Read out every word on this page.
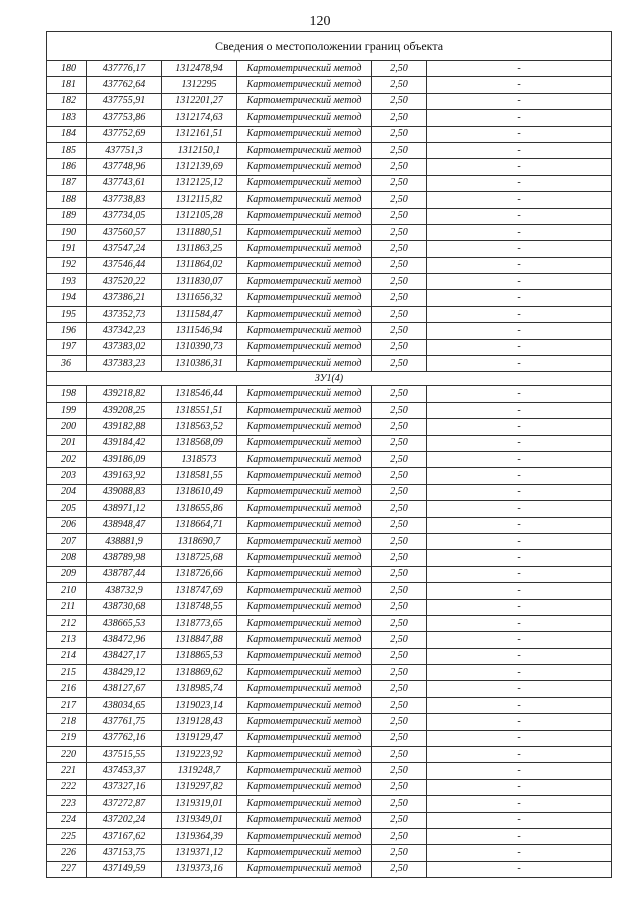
120
Сведения о местоположении границ объекта					
180	437776,17	1312478,94	Картометрический метод	2,50	-
181	437762,64	1312295	Картометрический метод	2,50	-
182	437755,91	1312201,27	Картометрический метод	2,50	-
183	437753,86	1312174,63	Картометрический метод	2,50	-
184	437752,69	1312161,51	Картометрический метод	2,50	-
185	437751,3	1312150,1	Картометрический метод	2,50	-
186	437748,96	1312139,69	Картометрический метод	2,50	-
187	437743,61	1312125,12	Картометрический метод	2,50	-
188	437738,83	1312115,82	Картометрический метод	2,50	-
189	437734,05	1312105,28	Картометрический метод	2,50	-
190	437560,57	1311880,51	Картометрический метод	2,50	-
191	437547,24	1311863,25	Картометрический метод	2,50	-
192	437546,44	1311864,02	Картометрический метод	2,50	-
193	437520,22	1311830,07	Картометрический метод	2,50	-
194	437386,21	1311656,32	Картометрический метод	2,50	-
195	437352,73	1311584,47	Картометрический метод	2,50	-
196	437342,23	1311546,94	Картометрический метод	2,50	-
197	437383,02	1310390,73	Картометрический метод	2,50	-
36	437383,23	1310386,31	Картометрический метод	2,50	-
ЗУ1(4)					
198	439218,82	1318546,44	Картометрический метод	2,50	-
199	439208,25	1318551,51	Картометрический метод	2,50	-
200	439182,88	1318563,52	Картометрический метод	2,50	-
201	439184,42	1318568,09	Картометрический метод	2,50	-
202	439186,09	1318573	Картометрический метод	2,50	-
203	439163,92	1318581,55	Картометрический метод	2,50	-
204	439088,83	1318610,49	Картометрический метод	2,50	-
205	438971,12	1318655,86	Картометрический метод	2,50	-
206	438948,47	1318664,71	Картометрический метод	2,50	-
207	438881,9	1318690,7	Картометрический метод	2,50	-
208	438789,98	1318725,68	Картометрический метод	2,50	-
209	438787,44	1318726,66	Картометрический метод	2,50	-
210	438732,9	1318747,69	Картометрический метод	2,50	-
211	438730,68	1318748,55	Картометрический метод	2,50	-
212	438665,53	1318773,65	Картометрический метод	2,50	-
213	438472,96	1318847,88	Картометрический метод	2,50	-
214	438427,17	1318865,53	Картометрический метод	2,50	-
215	438429,12	1318869,62	Картометрический метод	2,50	-
216	438127,67	1318985,74	Картометрический метод	2,50	-
217	438034,65	1319023,14	Картометрический метод	2,50	-
218	437761,75	1319128,43	Картометрический метод	2,50	-
219	437762,16	1319129,47	Картометрический метод	2,50	-
220	437515,55	1319223,92	Картометрический метод	2,50	-
221	437453,37	1319248,7	Картометрический метод	2,50	-
222	437327,16	1319297,82	Картометрический метод	2,50	-
223	437272,87	1319319,01	Картометрический метод	2,50	-
224	437202,24	1319349,01	Картометрический метод	2,50	-
225	437167,62	1319364,39	Картометрический метод	2,50	-
226	437153,75	1319371,12	Картометрический метод	2,50	-
227	437149,59	1319373,16	Картометрический метод	2,50	-
